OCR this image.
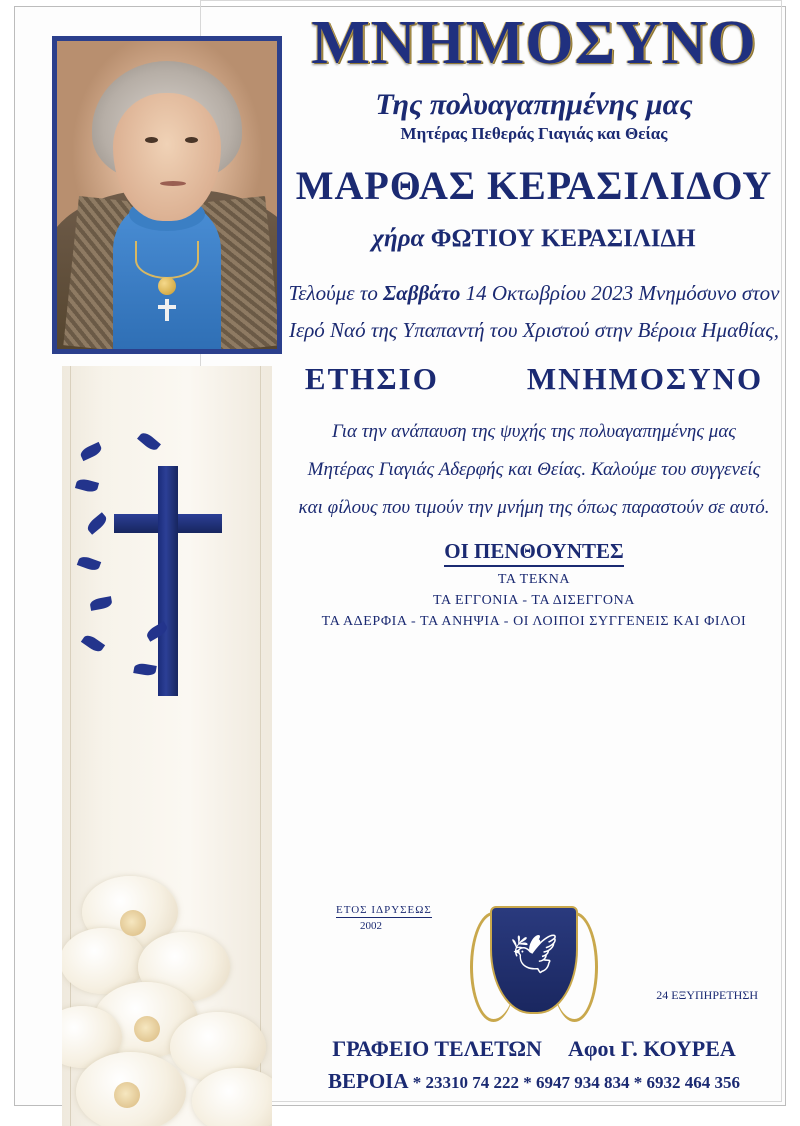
ΜΝΗΜΟΣΥΝΟ
Της πολυαγαπημένης μας
Μητέρας Πεθεράς Γιαγιάς και Θείας
ΜΑΡΘΑΣ ΚΕΡΑΣΙΛΙΔΟΥ
χήρα ΦΩΤΙΟΥ ΚΕΡΑΣΙΛΙΔΗ
Τελούμε το Σαββάτο 14 Οκτωβρίου 2023 Μνημόσυνο στον
Ιερό Ναό της Υπαπαντή του Χριστού στην Βέροια Ημαθίας,
ΕΤΗΣΙΟ	ΜΝΗΜΟΣΥΝΟ
Για την ανάπαυση της ψυχής της πολυαγαπημένης μας
Μητέρας Γιαγιάς Αδερφής και Θείας. Καλούμε του συγγενείς
και φίλους που τιμούν την μνήμη της όπως παραστούν σε αυτό.
ΟΙ ΠΕΝΘΟΥΝΤΕΣ
ΤΑ ΤΕΚΝΑ
ΤΑ ΕΓΓΟΝΙΑ - ΤΑ ΔΙΣΕΓΓΟΝΑ
ΤΑ ΑΔΕΡΦΙΑ - ΤΑ ΑΝΗΨΙΑ - ΟΙ ΛΟΙΠΟΙ ΣΥΓΓΕΝΕΙΣ ΚΑΙ ΦΙΛΟΙ
ΕΤΟΣ ΙΔΡΥΣΕΩΣ
2002
24 ΕΞΥΠΗΡΕΤΗΣΗ
🕊
ΓΡΑΦΕΙΟ ΤΕΛΕΤΩΝ Αφοι Γ. ΚΟΥΡΕΑ
ΒΕΡΟΙΑ * 23310 74 222 * 6947 934 834 * 6932 464 356
